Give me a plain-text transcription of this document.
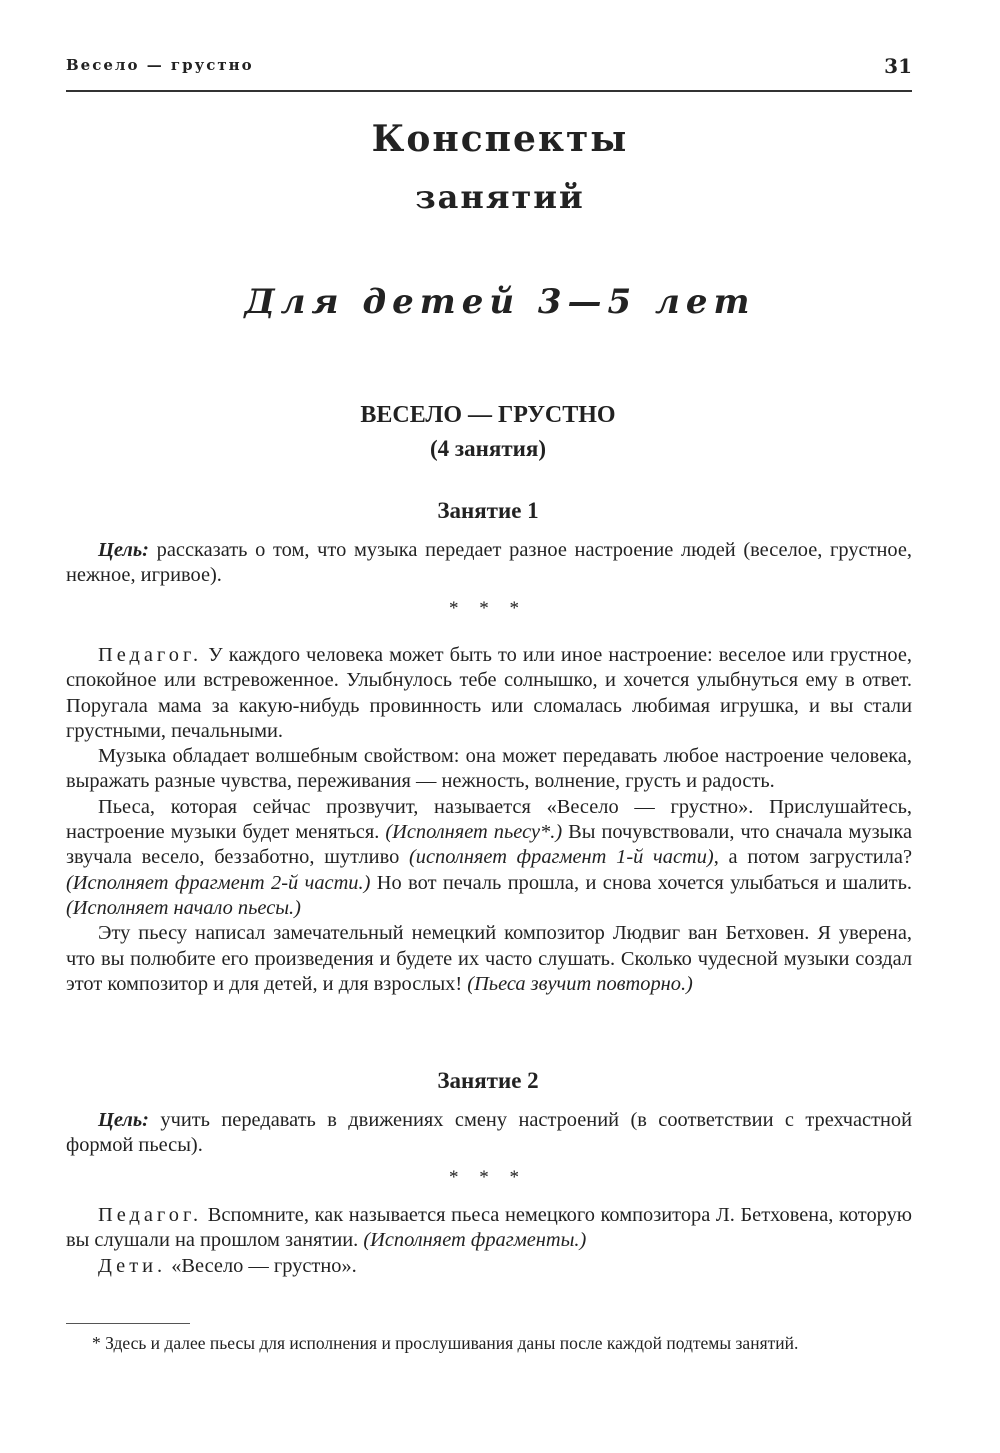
Весело — грустно	31
Конспекты
занятий
Для детей 3—5 лет
ВЕСЕЛО — ГРУСТНО
(4 занятия)
Занятие 1

Цель: рассказать о том, что музыка передает разное настроение людей (веселое, грустное, нежное, игривое).

* * *

Педагог. У каждого человека может быть то или иное настроение: веселое или грустное, спокойное или встревоженное. Улыбнулось тебе солнышко, и хочется улыбнуться ему в ответ. Поругала мама за какую-нибудь провинность или сломалась любимая игрушка, и вы стали грустными, печальными.

Музыка обладает волшебным свойством: она может передавать любое настроение человека, выражать разные чувства, переживания — нежность, волнение, грусть и радость.

Пьеса, которая сейчас прозвучит, называется «Весело — грустно». Прислушайтесь, настроение музыки будет меняться. (Исполняет пьесу*.) Вы почувствовали, что сначала музыка звучала весело, беззаботно, шутливо (исполняет фрагмент 1-й части), а потом загрустила? (Исполняет фрагмент 2-й части.) Но вот печаль прошла, и снова хочется улыбаться и шалить. (Исполняет начало пьесы.)

Эту пьесу написал замечательный немецкий композитор Людвиг ван Бетховен. Я уверена, что вы полюбите его произведения и будете их часто слушать. Сколько чудесной музыки создал этот композитор и для детей, и для взрослых! (Пьеса звучит повторно.)

Занятие 2

Цель: учить передавать в движениях смену настроений (в соответствии с трехчастной формой пьесы).

* * *

Педагог. Вспомните, как называется пьеса немецкого композитора Л. Бетховена, которую вы слушали на прошлом занятии. (Исполняет фрагменты.)

Дети. «Весело — грустно».

* Здесь и далее пьесы для исполнения и прослушивания даны после каждой подтемы занятий.
